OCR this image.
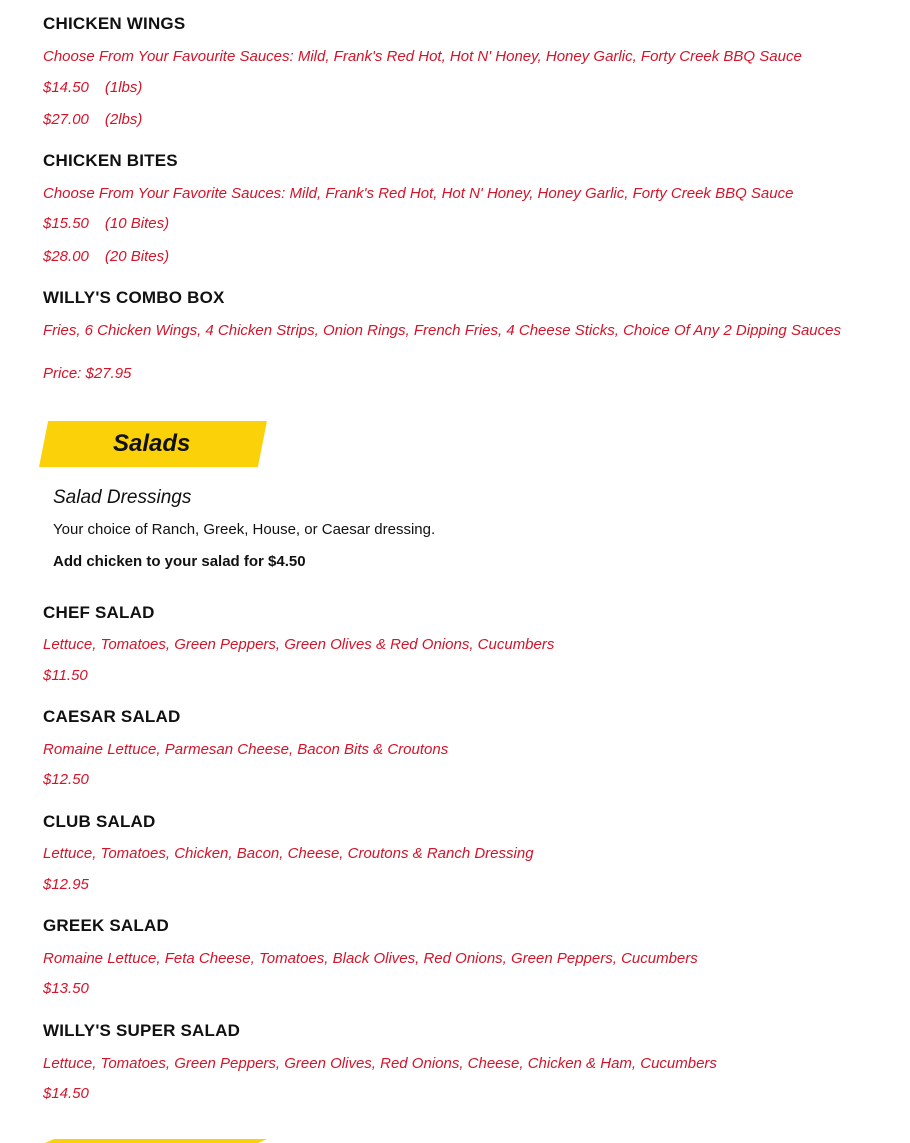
CHICKEN WINGS

Choose From Your Favourite Sauces: Mild, Frank's Red Hot, Hot N' Honey, Honey Garlic, Forty Creek BBQ Sauce

$14.50 (1lbs)

$27.00 (2lbs)

CHICKEN BITES

Choose From Your Favorite Sauces: Mild, Frank's Red Hot, Hot N' Honey, Honey Garlic, Forty Creek BBQ Sauce

$15.50 (10 Bites)

$28.00 (20 Bites)

WILLY'S COMBO BOX

Fries, 6 Chicken Wings, 4 Chicken Strips, Onion Rings, French Fries, 4 Cheese Sticks, Choice Of Any 2 Dipping Sauces

Price: $27.95

Salads
Salad Dressings
Your choice of Ranch, Greek, House, or Caesar dressing.
Add chicken to your salad for $4.50

CHEF SALAD

Lettuce, Tomatoes, Green Peppers, Green Olives & Red Onions, Cucumbers

$11.50

CAESAR SALAD

Romaine Lettuce, Parmesan Cheese, Bacon Bits & Croutons

$12.50

CLUB SALAD

Lettuce, Tomatoes, Chicken, Bacon, Cheese, Croutons & Ranch Dressing

$12.95

GREEK SALAD

Romaine Lettuce, Feta Cheese, Tomatoes, Black Olives, Red Onions, Green Peppers, Cucumbers

$13.50

WILLY'S SUPER SALAD

Lettuce, Tomatoes, Green Peppers, Green Olives, Red Onions, Cheese, Chicken & Ham, Cucumbers

$14.50
